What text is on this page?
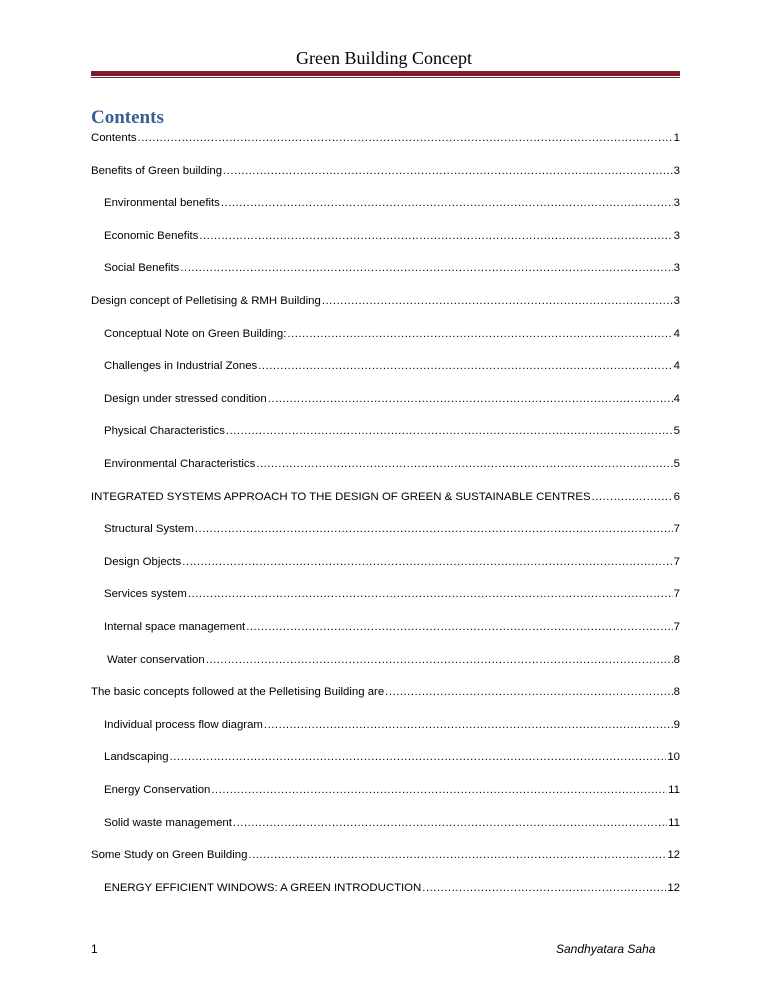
Green Building Concept
Contents
Contents .....	1
Benefits of Green building .....	3
Environmental benefits .....	3
Economic Benefits .....	3
Social Benefits .....	3
Design concept of Pelletising & RMH Building .....	3
Conceptual Note on Green Building: .....	4
Challenges in Industrial Zones .....	4
Design under stressed condition .....	4
Physical Characteristics .....	5
Environmental Characteristics .....	5
INTEGRATED SYSTEMS APPROACH TO THE DESIGN OF GREEN & SUSTAINABLE CENTRES .....	6
Structural System .....	7
Design Objects .....	7
Services system .....	7
Internal space management .....	7
Water conservation .....	8
The basic concepts followed at the Pelletising Building are .....	8
Individual process flow diagram .....	9
Landscaping .....	10
Energy Conservation .....	11
Solid waste management .....	11
Some Study on Green Building .....	12
ENERGY EFFICIENT WINDOWS: A GREEN INTRODUCTION .....	12
1	Sandhyatara Saha
